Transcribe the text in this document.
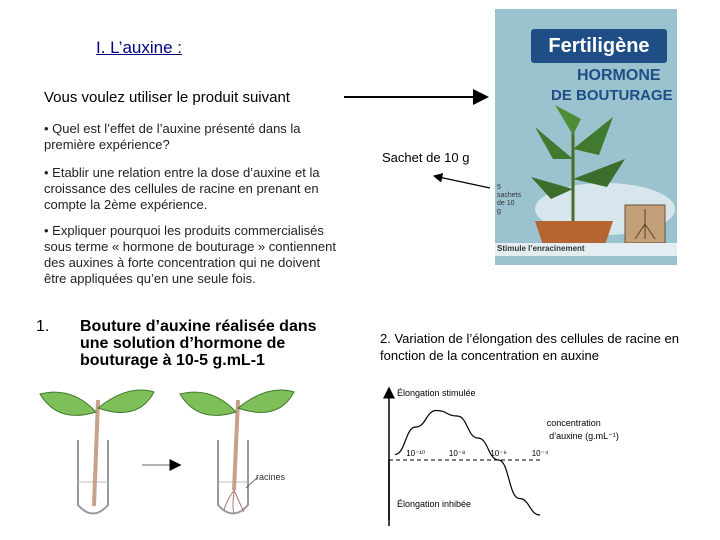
I. L’auxine :
Vous voulez utiliser le produit suivant
• Quel est l’effet de l’auxine présenté dans la première expérience?
• Etablir une relation entre la dose d’auxine et la croissance des cellules de racine en prenant en compte la 2ème expérience.
• Expliquer pourquoi les produits commercialisés sous terme « hormone de bouturage » contiennent des auxines à forte concentration qui ne doivent être appliquées qu’en une seule fois.
Sachet de 10 g
Fertiligène
HORMONE
DE BOUTURAGE
5 sachets de 10 g
Stimule l’enracinement
1. Bouture d’auxine réalisée dans une solution d’hormone de bouturage à 10-5 g.mL-1
2. Variation de l’élongation des cellules de racine en fonction de la concentration en auxine
racines
Élongation stimulée
Élongation inhibée
concentration d’auxine (g.mL⁻¹)
10⁻¹⁰	10⁻⁸	10⁻⁶	10⁻⁴
